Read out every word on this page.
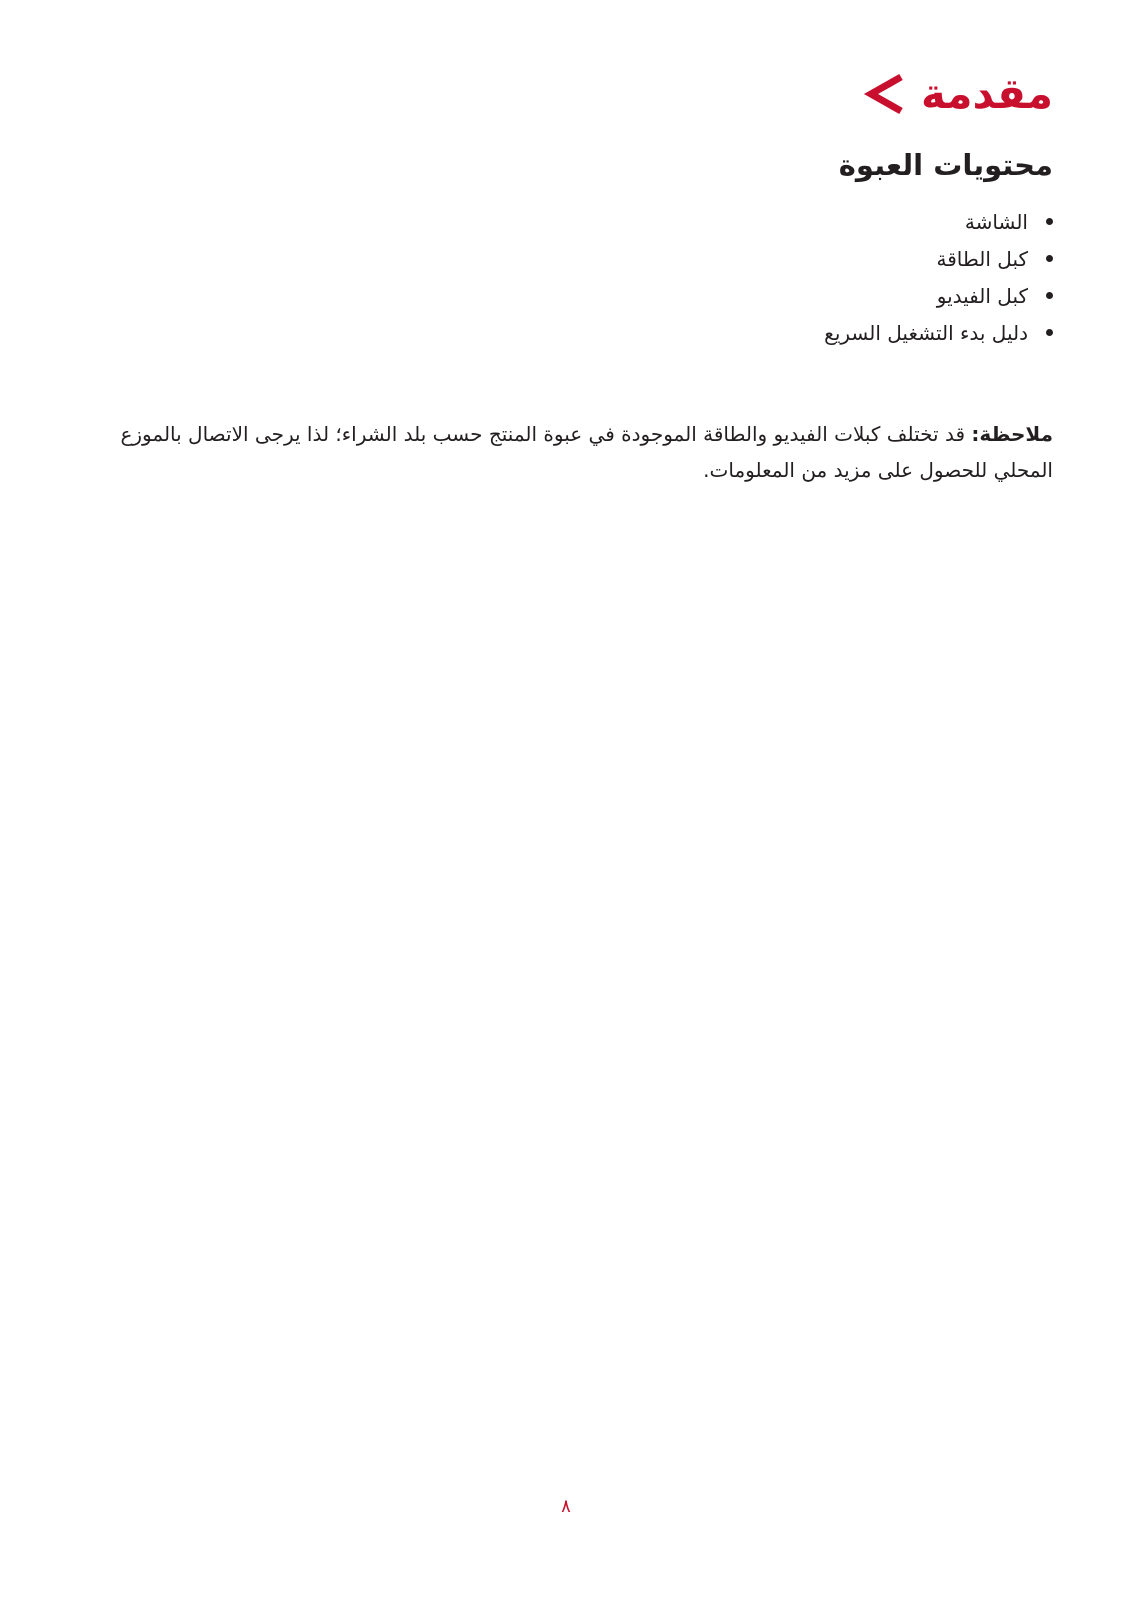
مقدمة
محتويات العبوة
الشاشة
كبل الطاقة
كبل الفيديو
دليل بدء التشغيل السريع

ملاحظة: قد تختلف كبلات الفيديو والطاقة الموجودة في عبوة المنتج حسب بلد الشراء؛ لذا يرجى الاتصال بالموزع المحلي للحصول على مزيد من المعلومات.

٨
